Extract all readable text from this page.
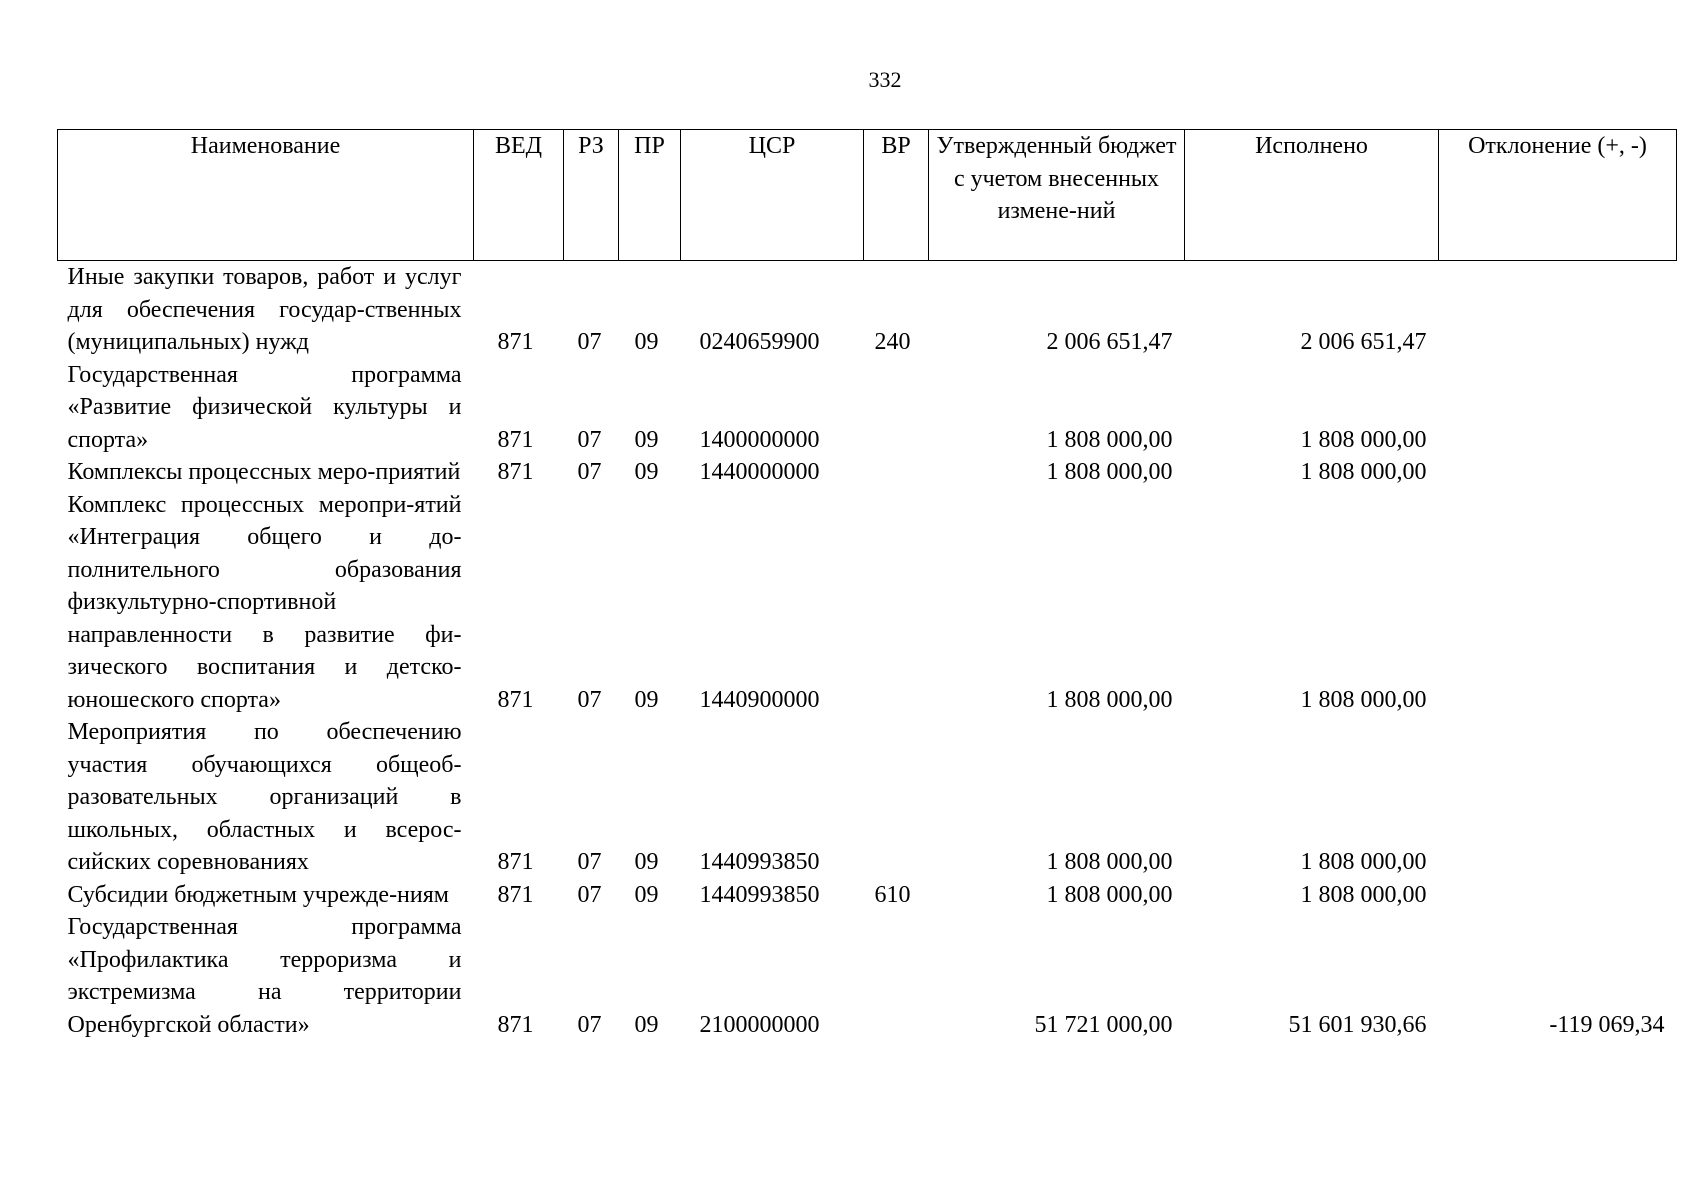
332
Наименование	ВЕД	РЗ	ПР	ЦСР	ВР	Утвержденный бюджет с учетом внесенных измене-ний	Исполнено	Отклонение (+, -)
Иные закупки товаров, работ и услуг для обеспечения государ-ственных (муниципальных) нужд	871	07	09	0240659900	240	2 006 651,47	2 006 651,47	
Государственная программа «Развитие физической культуры и спорта»	871	07	09	1400000000		1 808 000,00	1 808 000,00	
Комплексы процессных меро-приятий	871	07	09	1440000000		1 808 000,00	1 808 000,00	
Комплекс процессных меропри-ятий «Интеграция общего и до-полнительного образования физкультурно-спортивной направленности в развитие фи-зического воспитания и детско-юношеского спорта»	871	07	09	1440900000		1 808 000,00	1 808 000,00	
Мероприятия по обеспечению участия обучающихся общеоб-разовательных организаций в школьных, областных и всерос-сийских соревнованиях	871	07	09	1440993850		1 808 000,00	1 808 000,00	
Субсидии бюджетным учрежде-ниям	871	07	09	1440993850	610	1 808 000,00	1 808 000,00	
Государственная программа «Профилактика терроризма и экстремизма на территории Оренбургской области»	871	07	09	2100000000		51 721 000,00	51 601 930,66	-119 069,34
